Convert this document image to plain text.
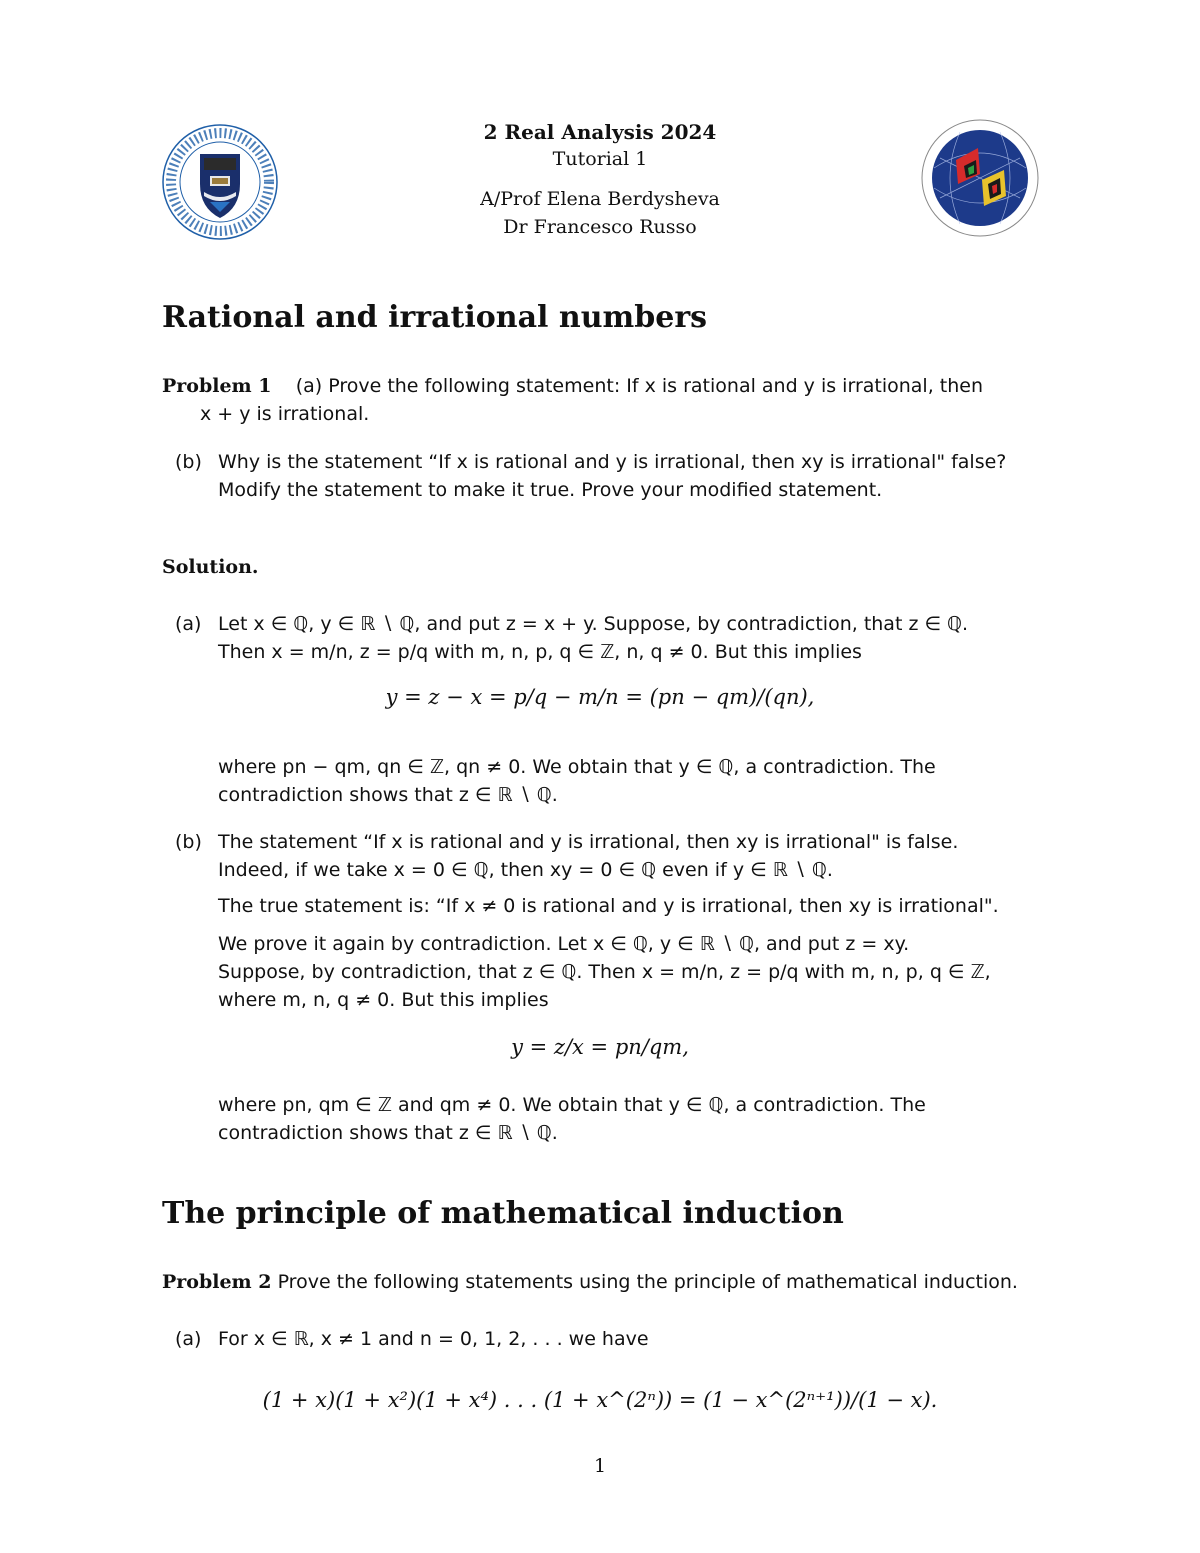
2 Real Analysis 2024
Tutorial 1
A/Prof Elena Berdysheva
Dr Francesco Russo
Rational and irrational numbers
Problem 1 (a) Prove the following statement: If x is rational and y is irrational, then
x + y is irrational.
(b) Why is the statement “If x is rational and y is irrational, then xy is irrational" false?
Modify the statement to make it true. Prove your modified statement.
Solution.
(a) Let x ∈ ℚ, y ∈ ℝ ∖ ℚ, and put z = x + y. Suppose, by contradiction, that z ∈ ℚ.
Then x = m/n, z = p/q with m, n, p, q ∈ ℤ, n, q ≠ 0. But this implies
y = z − x = p/q − m/n = (pn − qm)/(qn),
where pn − qm, qn ∈ ℤ, qn ≠ 0. We obtain that y ∈ ℚ, a contradiction. The
contradiction shows that z ∈ ℝ ∖ ℚ.
(b) The statement “If x is rational and y is irrational, then xy is irrational" is false.
Indeed, if we take x = 0 ∈ ℚ, then xy = 0 ∈ ℚ even if y ∈ ℝ ∖ ℚ.
The true statement is: “If x ≠ 0 is rational and y is irrational, then xy is irrational".
We prove it again by contradiction. Let x ∈ ℚ, y ∈ ℝ ∖ ℚ, and put z = xy.
Suppose, by contradiction, that z ∈ ℚ. Then x = m/n, z = p/q with m, n, p, q ∈ ℤ,
where m, n, q ≠ 0. But this implies
y = z/x = pn/qm,
where pn, qm ∈ ℤ and qm ≠ 0. We obtain that y ∈ ℚ, a contradiction. The
contradiction shows that z ∈ ℝ ∖ ℚ.
The principle of mathematical induction
Problem 2 Prove the following statements using the principle of mathematical induction.
(a) For x ∈ ℝ, x ≠ 1 and n = 0, 1, 2, . . . we have
(1 + x)(1 + x²)(1 + x⁴) . . . (1 + x^(2ⁿ)) = (1 − x^(2ⁿ⁺¹))/(1 − x).
1
